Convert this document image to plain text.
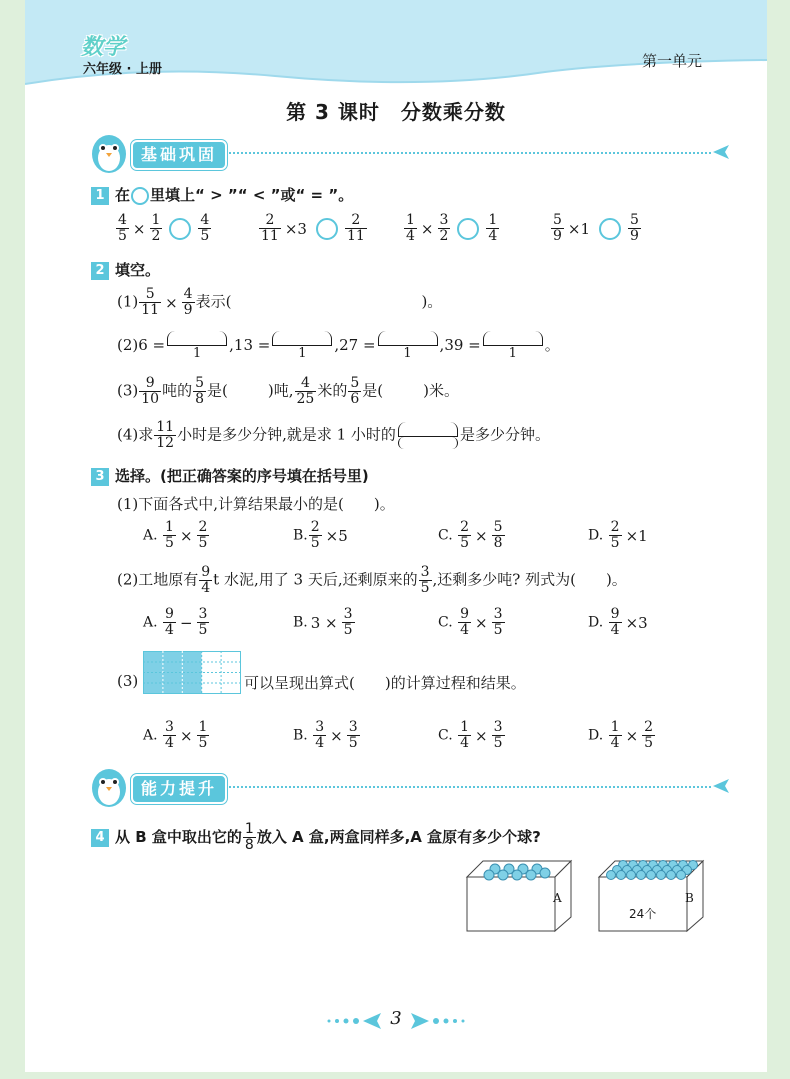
数学
六年级 · 上册	第一单元
第 3 课时　分数乘分数
基础巩固
1 在 里填上“ > ”“ < ”或“ = ”。
$\frac{4}{5} \times \frac{1}{2}$	$\frac{4}{5}$	$\frac{2}{11} \times 3$	$\frac{2}{11}$	$\frac{1}{4} \times \frac{3}{2}$	$\frac{1}{4}$	$\frac{5}{9} \times 1$	$\frac{5}{9}$
2 填空。
$(1) \frac{5}{11} \times \frac{4}{9}$ 表示(	)。
(2)6 = 1 ,13 = 1 ,27 = 1 ,39 = 1 。
$(3) \frac{9}{10}$ 吨的 $\frac{5}{8}$ 是(	)吨, $\frac{4}{25}$ 米的 $\frac{5}{6}$ 是(	)米。
(4)求 $\frac{11}{12}$ 小时是多少分钟,就是求 1 小时的	是多少分钟。
3 选择。(把正确答案的序号填在括号里)
(1)下面各式中,计算结果最小的是( )。
A. $\frac{1}{5} \times \frac{2}{5}$	B. $\frac{2}{5} \times 5$	C. $\frac{2}{5} \times \frac{5}{8}$	D. $\frac{2}{5} \times 1$
(2)工地原有 $\frac{9}{4}$ t 水泥,用了 3 天后,还剩原来的 $\frac{3}{5}$ ,还剩多少吨? 列式为( )。
A. $\frac{9}{4} - \frac{3}{5}$	B. $3 \times \frac{3}{5}$	C. $\frac{9}{4} \times \frac{3}{5}$	D. $\frac{9}{4} \times 3$
(3)	可以呈现出算式( )的计算过程和结果。
A. $\frac{3}{4} \times \frac{1}{5}$	B. $\frac{3}{4} \times \frac{3}{5}$	C. $\frac{1}{4} \times \frac{3}{5}$	D. $\frac{1}{4} \times \frac{2}{5}$
能力提升
4 从 B 盒中取出它的 $\frac{1}{8}$ 放入 A 盒,两盒同样多,A 盒原有多少个球?
A
24个
B
3
